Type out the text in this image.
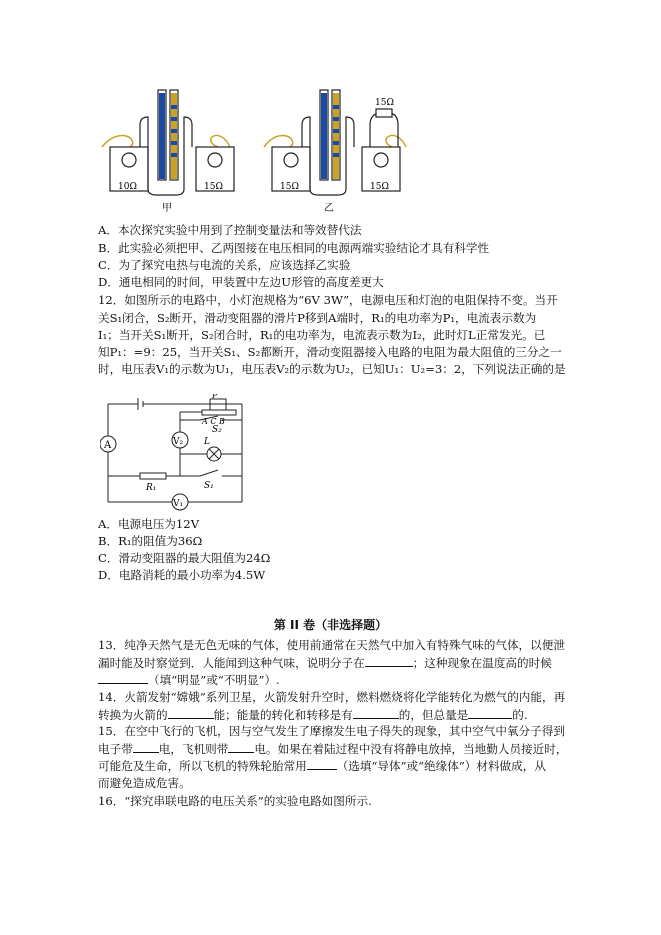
10Ω	15Ω
甲
15Ω	15Ω
15Ω
乙
A．本次探究实验中用到了控制变量法和等效替代法
B．此实验必须把甲、乙两图接在电压相同的电源两端实验结论才具有科学性
C．为了探究电热与电流的关系，应该选择乙实验
D．通电相同的时间，甲装置中左边U形管的高度差更大
12．如图所示的电路中，小灯泡规格为“6V 3W”，电源电压和灯泡的电阻保持不变。当开
关S₁闭合，S₂断开，滑动变阻器的滑片P移到A端时，R₁的电功率为P₁，电流表示数为
I₁；当开关S₁断开，S₂闭合时，R₁的电功率为，电流表示数为I₂，此时灯L正常发光。已
知P₁：=9：25，当开关S₁、S₂都断开，滑动变阻器接入电路的电阻为最大阻值的三分之一
时，电压表V₁的示数为U₁，电压表V₂的示数为U₂，已知U₁：U₂=3：2，下列说法正确的是
A	V₂
V₁
L
R₁	S₁
S₂
P
A C B
A．电源电压为12V
B．R₁的阻值为36Ω
C．滑动变阻器的最大阻值为24Ω
D．电路消耗的最小功率为4.5W
第 II 卷（非选择题）
13．纯净天然气是无色无味的气体，使用前通常在天然气中加入有特殊气味的气体，以便泄
漏时能及时察觉到．人能闻到这种气味，说明分子在	；这种现象在温度高的时候
（填“明显”或“不明显”）.
14．火箭发射“嫦娥”系列卫星，火箭发射升空时，燃料燃烧将化学能转化为燃气的内能，再
转换为火箭的	能；能量的转化和转移是有	的，但总量是	的.
15．在空中飞行的飞机，因与空气发生了摩擦发生电子得失的现象，其中空气中氧分子得到
电子带 电，飞机则带 电。如果在着陆过程中没有将静电放掉，当地勤人员接近时，
可能危及生命，所以飞机的特殊轮胎常用	（选填“导体”或“绝缘体”）材料做成，从
而避免造成危害。
16．“探究串联电路的电压关系”的实验电路如图所示.
